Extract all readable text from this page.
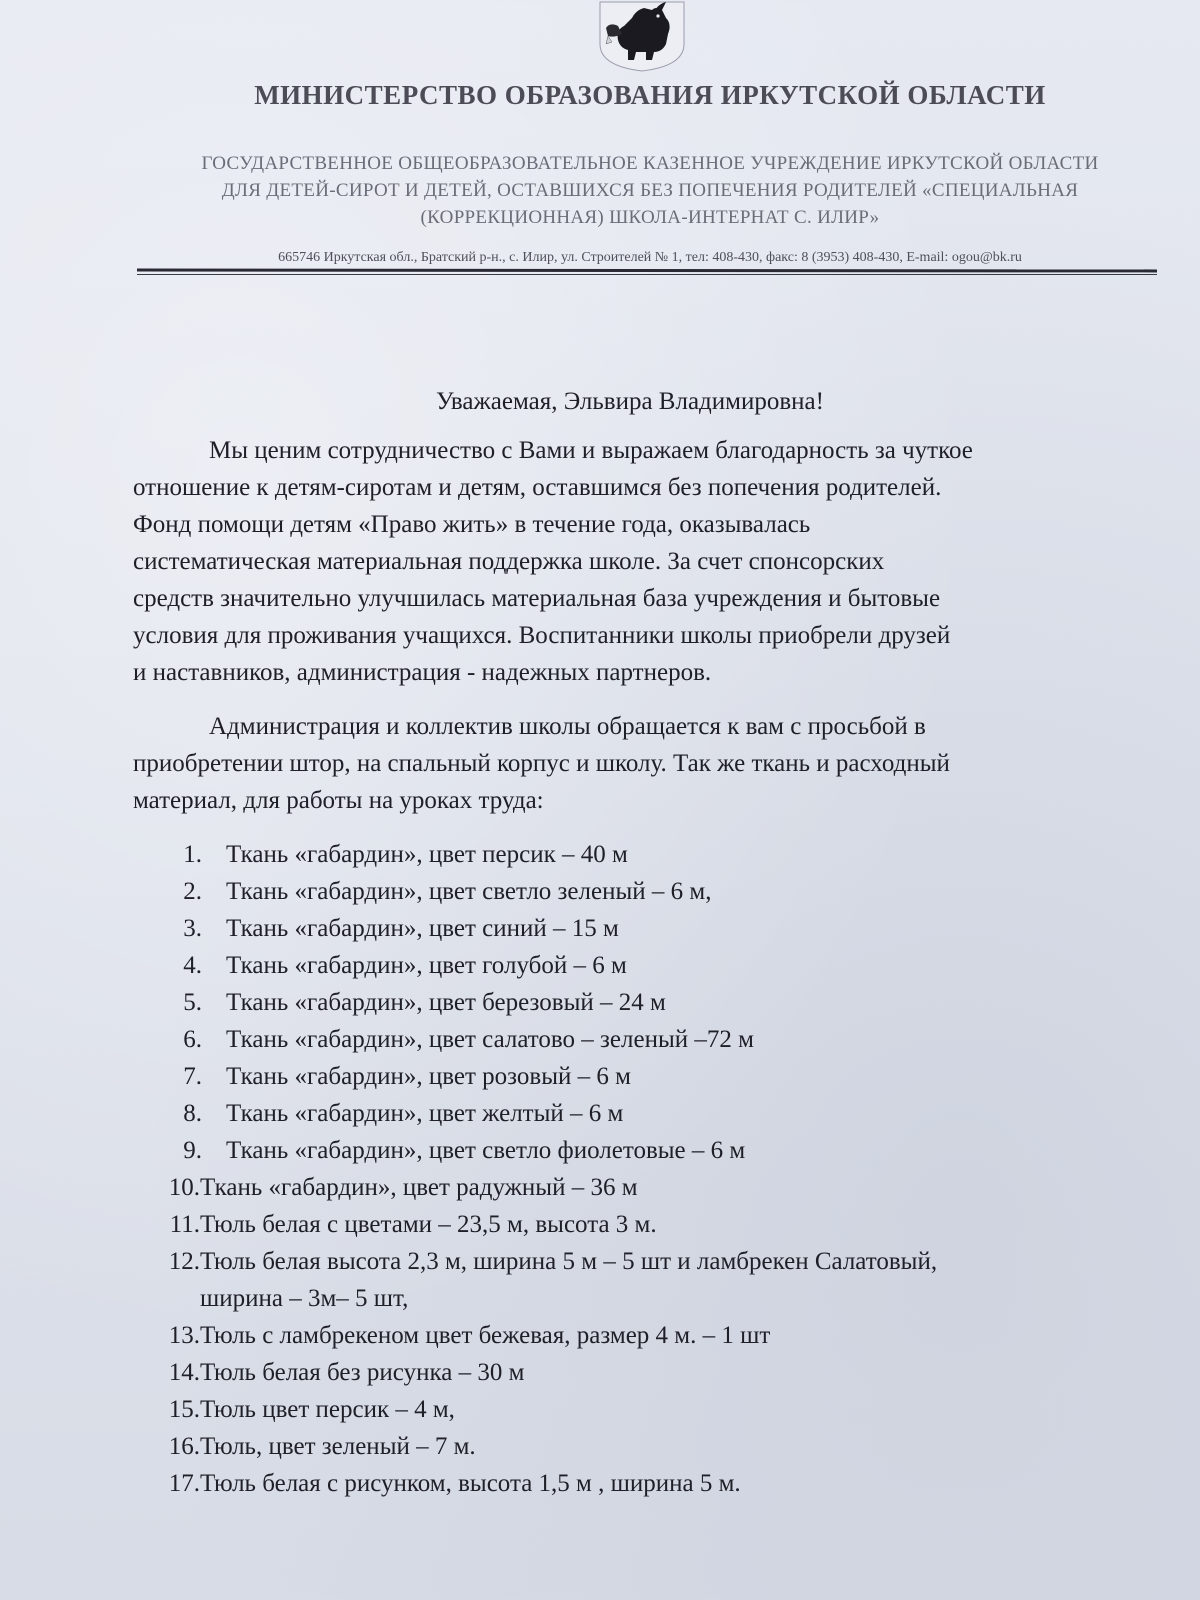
МИНИСТЕРСТВО ОБРАЗОВАНИЯ ИРКУТСКОЙ ОБЛАСТИ
ГОСУДАРСТВЕННОЕ ОБЩЕОБРАЗОВАТЕЛЬНОЕ КАЗЕННОЕ УЧРЕЖДЕНИЕ ИРКУТСКОЙ ОБЛАСТИ
ДЛЯ ДЕТЕЙ-СИРОТ И ДЕТЕЙ, ОСТАВШИХСЯ БЕЗ ПОПЕЧЕНИЯ РОДИТЕЛЕЙ «СПЕЦИАЛЬНАЯ
(КОРРЕКЦИОННАЯ) ШКОЛА-ИНТЕРНАТ С. ИЛИР»
665746 Иркутская обл., Братский р-н., с. Илир, ул. Строителей № 1, тел: 408-430, факс: 8 (3953) 408-430, E-mail: ogou@bk.ru
Уважаемая, Эльвира Владимировна!
Мы ценим сотрудничество с Вами и выражаем благодарность за чуткое
отношение к детям-сиротам и детям, оставшимся без попечения родителей.
Фонд помощи детям «Право жить» в течение года, оказывалась
систематическая материальная поддержка школе. За счет спонсорских
средств значительно улучшилась материальная база учреждения и бытовые
условия для проживания учащихся. Воспитанники школы приобрели друзей
и наставников, администрация - надежных партнеров.
Администрация и коллектив школы обращается к вам с просьбой в
приобретении штор, на спальный корпус и школу. Так же ткань и расходный
материал, для работы на уроках труда:
1. Ткань «габардин», цвет персик – 40 м
2. Ткань «габардин», цвет светло зеленый – 6 м,
3. Ткань «габардин», цвет синий – 15 м
4. Ткань «габардин», цвет голубой – 6 м
5. Ткань «габардин», цвет березовый – 24 м
6. Ткань «габардин», цвет салатово – зеленый –72 м
7. Ткань «габардин», цвет розовый – 6 м
8. Ткань «габардин», цвет желтый – 6 м
9. Ткань «габардин», цвет светло фиолетовые – 6 м
10. Ткань «габардин», цвет радужный – 36 м
11. Тюль белая с цветами – 23,5 м, высота 3 м.
12. Тюль белая высота 2,3 м, ширина 5 м – 5 шт и ламбрекен Салатовый,
ширина – 3м– 5 шт,
13. Тюль с ламбрекеном цвет бежевая, размер 4 м. – 1 шт
14. Тюль белая без рисунка – 30 м
15. Тюль цвет персик – 4 м,
16. Тюль, цвет зеленый – 7 м.
17. Тюль белая с рисунком, высота 1,5 м , ширина 5 м.
